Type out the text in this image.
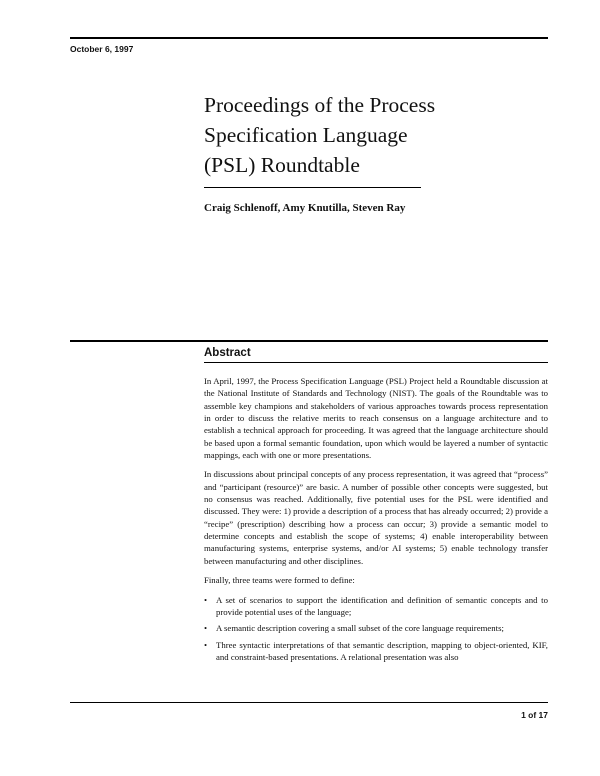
October 6, 1997
Proceedings of the Process
Specification Language
(PSL) Roundtable
Craig Schlenoff, Amy Knutilla, Steven Ray
Abstract

In April, 1997, the Process Specification Language (PSL) Project held a Roundtable discussion at the National Institute of Standards and Technology (NIST). The goals of the Roundtable was to assemble key champions and stakeholders of various approaches towards process representation in order to discuss the relative merits to reach consensus on a language architecture and to establish a technical approach for proceeding. It was agreed that the language architecture should be based upon a formal semantic foundation, upon which would be layered a number of syntactic mappings, each with one or more presentations.

In discussions about principal concepts of any process representation, it was agreed that “process” and “participant (resource)” are basic. A number of possible other concepts were suggested, but no consensus was reached. Additionally, five potential uses for the PSL were identified and discussed. They were: 1) provide a description of a process that has already occurred; 2) provide a “recipe” (prescription) describing how a process can occur; 3) provide a semantic model to determine concepts and establish the scope of systems; 4) enable interoperability between manufacturing systems, enterprise systems, and/or AI systems; 5) enable technology transfer between manufacturing and other disciplines.

Finally, three teams were formed to define:

• A set of scenarios to support the identification and definition of semantic concepts and to provide potential uses of the language;
• A semantic description covering a small subset of the core language requirements;
• Three syntactic interpretations of that semantic description, mapping to object-oriented, KIF, and constraint-based presentations. A relational presentation was also
1 of 17
